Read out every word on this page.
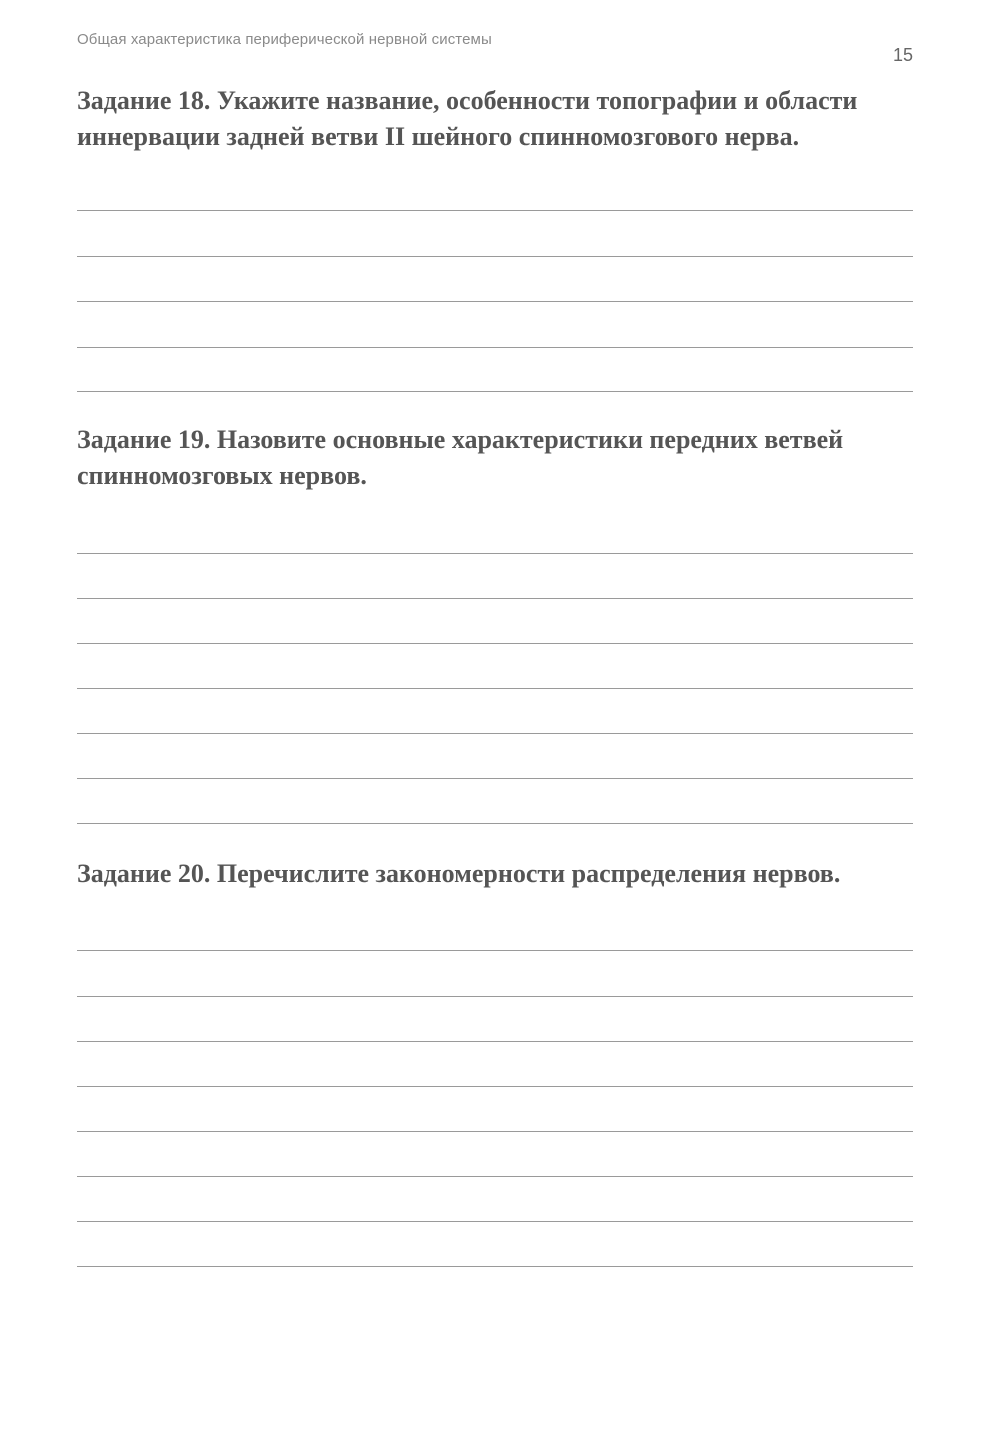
Общая характеристика периферической нервной системы
15

Задание 18. Укажите название, особенности топографии и области иннервации задней ветви II шейного спинномозгового нерва.

Задание 19. Назовите основные характеристики передних ветвей спинномозговых нервов.

Задание 20. Перечислите закономерности распределения нервов.
